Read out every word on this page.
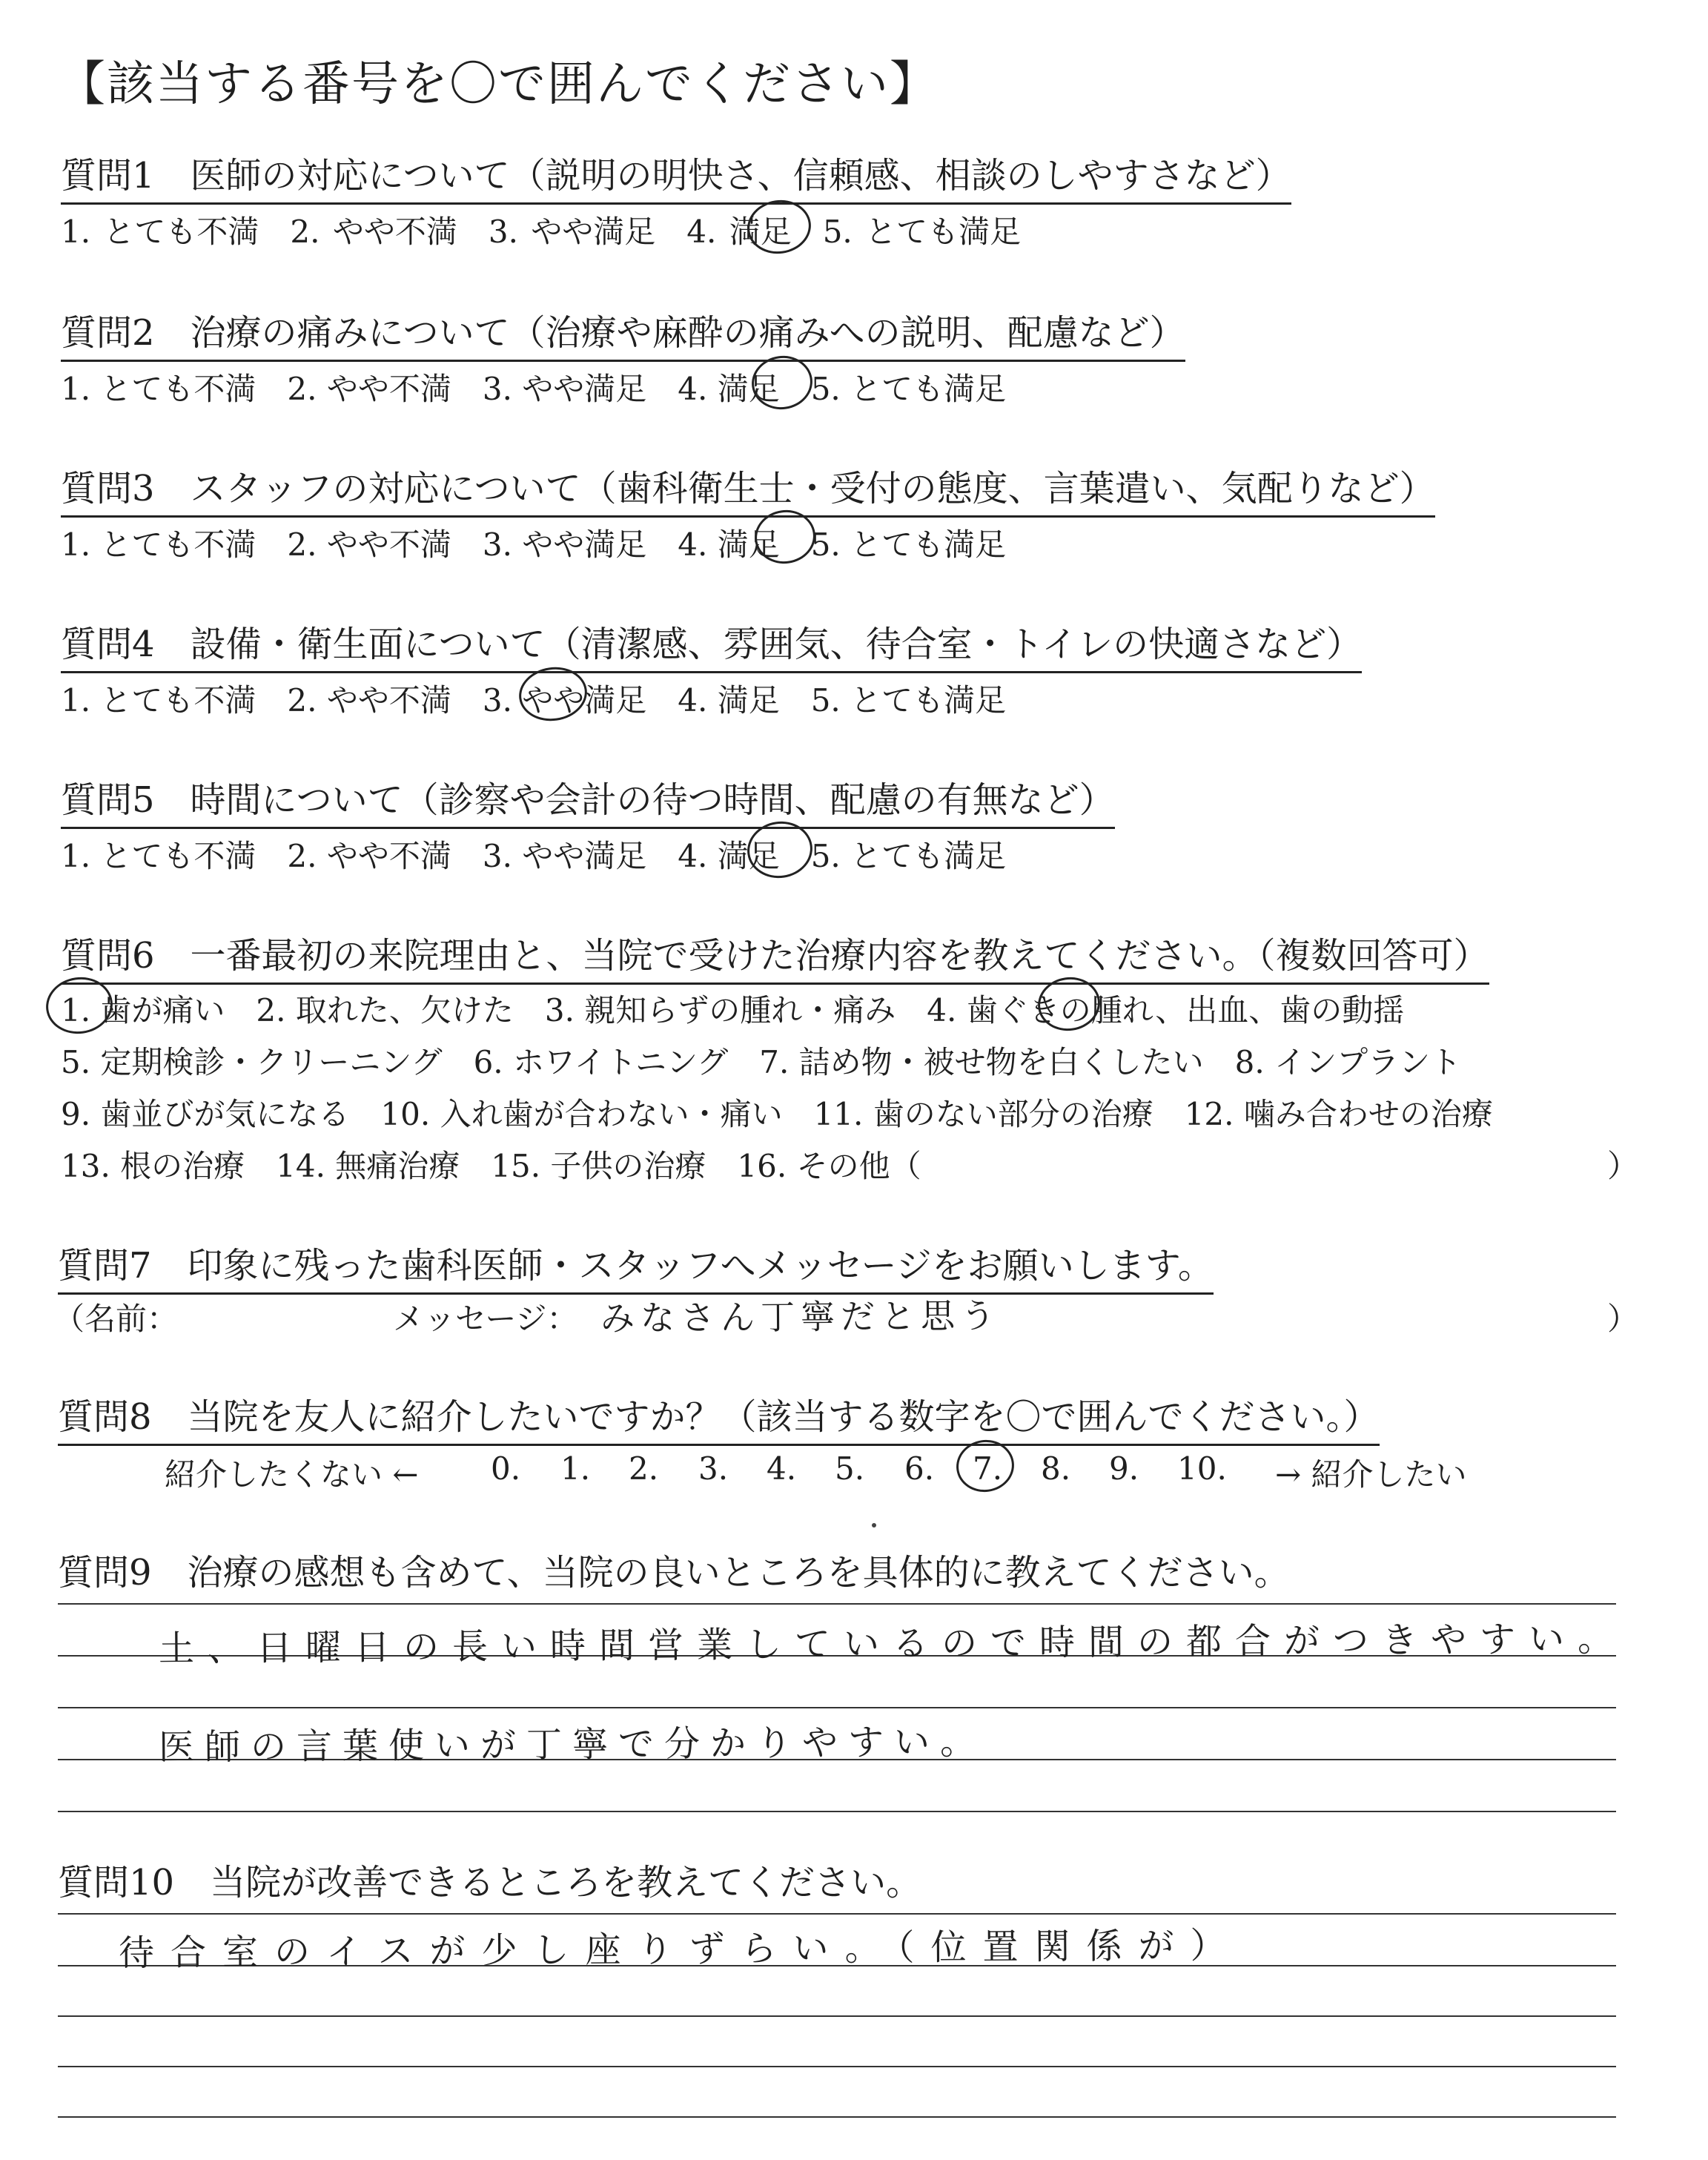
【該当する番号を〇で囲んでください】
質問1　医師の対応について（説明の明快さ、信頼感、相談のしやすさなど）
1. とても不満　2. やや不満　3. やや満足　4. 満足　5. とても満足
質問2　治療の痛みについて（治療や麻酔の痛みへの説明、配慮など）
1. とても不満　2. やや不満　3. やや満足　4. 満足　5. とても満足
質問3　スタッフの対応について（歯科衛生士・受付の態度、言葉遣い、気配りなど）
1. とても不満　2. やや不満　3. やや満足　4. 満足　5. とても満足
質問4　設備・衛生面について（清潔感、雰囲気、待合室・トイレの快適さなど）
1. とても不満　2. やや不満　3. やや満足　4. 満足　5. とても満足
質問5　時間について（診察や会計の待つ時間、配慮の有無など）
1. とても不満　2. やや不満　3. やや満足　4. 満足　5. とても満足
質問6　一番最初の来院理由と、当院で受けた治療内容を教えてください。（複数回答可）
1. 歯が痛い　2. 取れた、欠けた　3. 親知らずの腫れ・痛み　4. 歯ぐきの腫れ、出血、歯の動揺
5. 定期検診・クリーニング　6. ホワイトニング　7. 詰め物・被せ物を白くしたい　8. インプラント
9. 歯並びが気になる　10. 入れ歯が合わない・痛い　11. 歯のない部分の治療　12. 噛み合わせの治療
13. 根の治療　14. 無痛治療　15. 子供の治療　16. その他（	）
質問7　印象に残った歯科医師・スタッフへメッセージをお願いします。
（名前：	メッセージ： みなさん丁寧だと思う	）
質問8　当院を友人に紹介したいですか？（該当する数字を〇で囲んでください。）
紹介したくない ← 0. 1. 2. 3. 4. 5. 6. 7. 8. 9. 10. → 紹介したい
質問9　治療の感想も含めて、当院の良いところを具体的に教えてください。
土、日曜日の長い時間営業しているので時間の都合がつきやすい。
医師の言葉使いが丁寧で分かりやすい。
質問10　当院が改善できるところを教えてください。
待合室のイスが少し座りずらい。（位置関係が）
